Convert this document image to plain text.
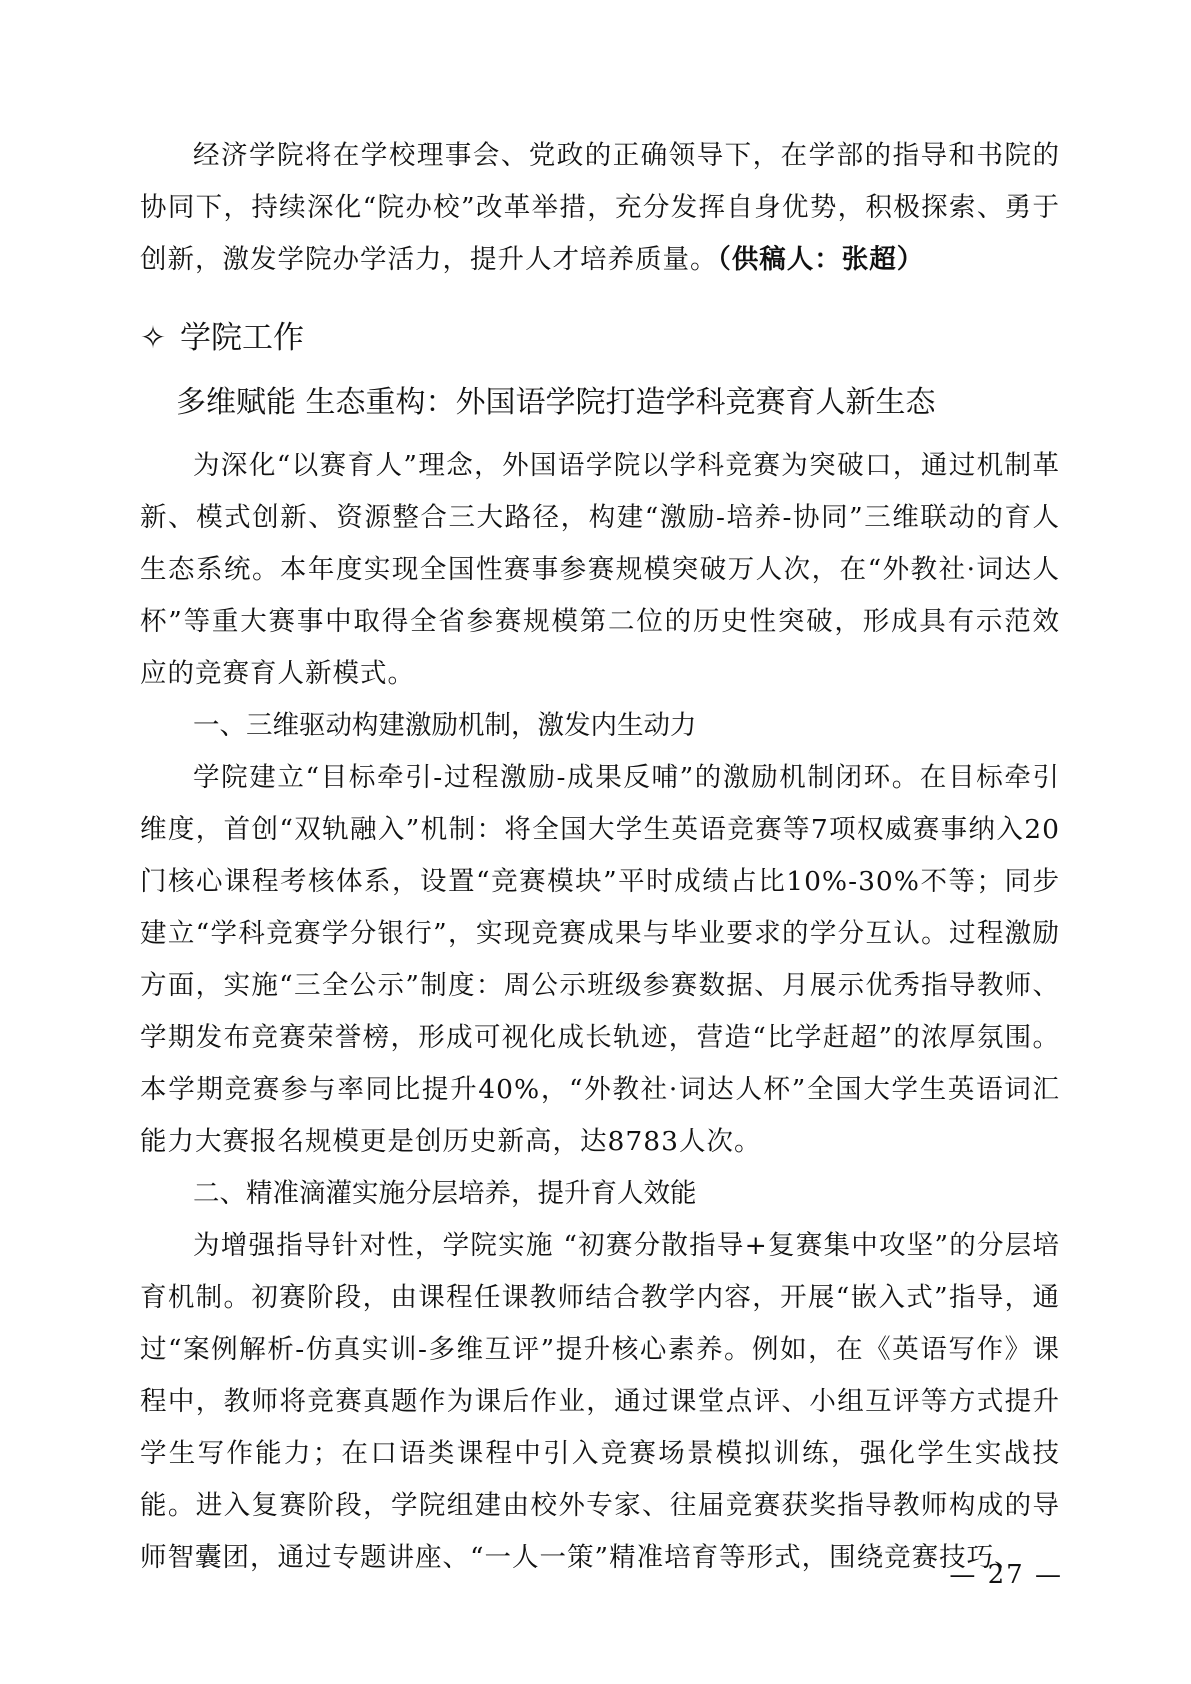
经济学院将在学校理事会、党政的正确领导下，在学部的指导和书院的协同下，持续深化“院办校”改革举措，充分发挥自身优势，积极探索、勇于创新，激发学院办学活力，提升人才培养质量。（供稿人：张超）

✧ 学院工作
多维赋能 生态重构：外国语学院打造学科竞赛育人新生态

为深化“以赛育人”理念，外国语学院以学科竞赛为突破口，通过机制革新、模式创新、资源整合三大路径，构建“激励-培养-协同”三维联动的育人生态系统。本年度实现全国性赛事参赛规模突破万人次，在“外教社·词达人杯”等重大赛事中取得全省参赛规模第二位的历史性突破，形成具有示范效应的竞赛育人新模式。

一、三维驱动构建激励机制，激发内生动力

学院建立“目标牵引-过程激励-成果反哺”的激励机制闭环。在目标牵引维度，首创“双轨融入”机制：将全国大学生英语竞赛等7项权威赛事纳入20门核心课程考核体系，设置“竞赛模块”平时成绩占比10%-30%不等；同步建立“学科竞赛学分银行”，实现竞赛成果与毕业要求的学分互认。过程激励方面，实施“三全公示”制度：周公示班级参赛数据、月展示优秀指导教师、学期发布竞赛荣誉榜，形成可视化成长轨迹，营造“比学赶超”的浓厚氛围。本学期竞赛参与率同比提升40%，“外教社·词达人杯”全国大学生英语词汇能力大赛报名规模更是创历史新高，达8783人次。

二、精准滴灌实施分层培养，提升育人效能

为增强指导针对性，学院实施 “初赛分散指导+复赛集中攻坚”的分层培育机制。初赛阶段，由课程任课教师结合教学内容，开展“嵌入式”指导，通过“案例解析-仿真实训-多维互评”提升核心素养。例如，在《英语写作》课程中，教师将竞赛真题作为课后作业，通过课堂点评、小组互评等方式提升学生写作能力；在口语类课程中引入竞赛场景模拟训练，强化学生实战技能。进入复赛阶段，学院组建由校外专家、往届竞赛获奖指导教师构成的导师智囊团，通过专题讲座、“一人一策”精准培育等形式，围绕竞赛技巧、

— 27 —
